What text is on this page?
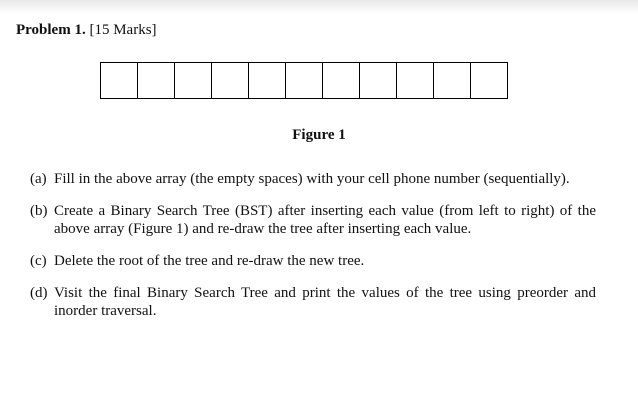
Problem 1. [15 Marks]
Figure 1
(a) Fill in the above array (the empty spaces) with your cell phone number (sequentially).
(b) Create a Binary Search Tree (BST) after inserting each value (from left to right) of the above array (Figure 1) and re-draw the tree after inserting each value.
(c) Delete the root of the tree and re-draw the new tree.
(d) Visit the final Binary Search Tree and print the values of the tree using preorder and inorder traversal.
